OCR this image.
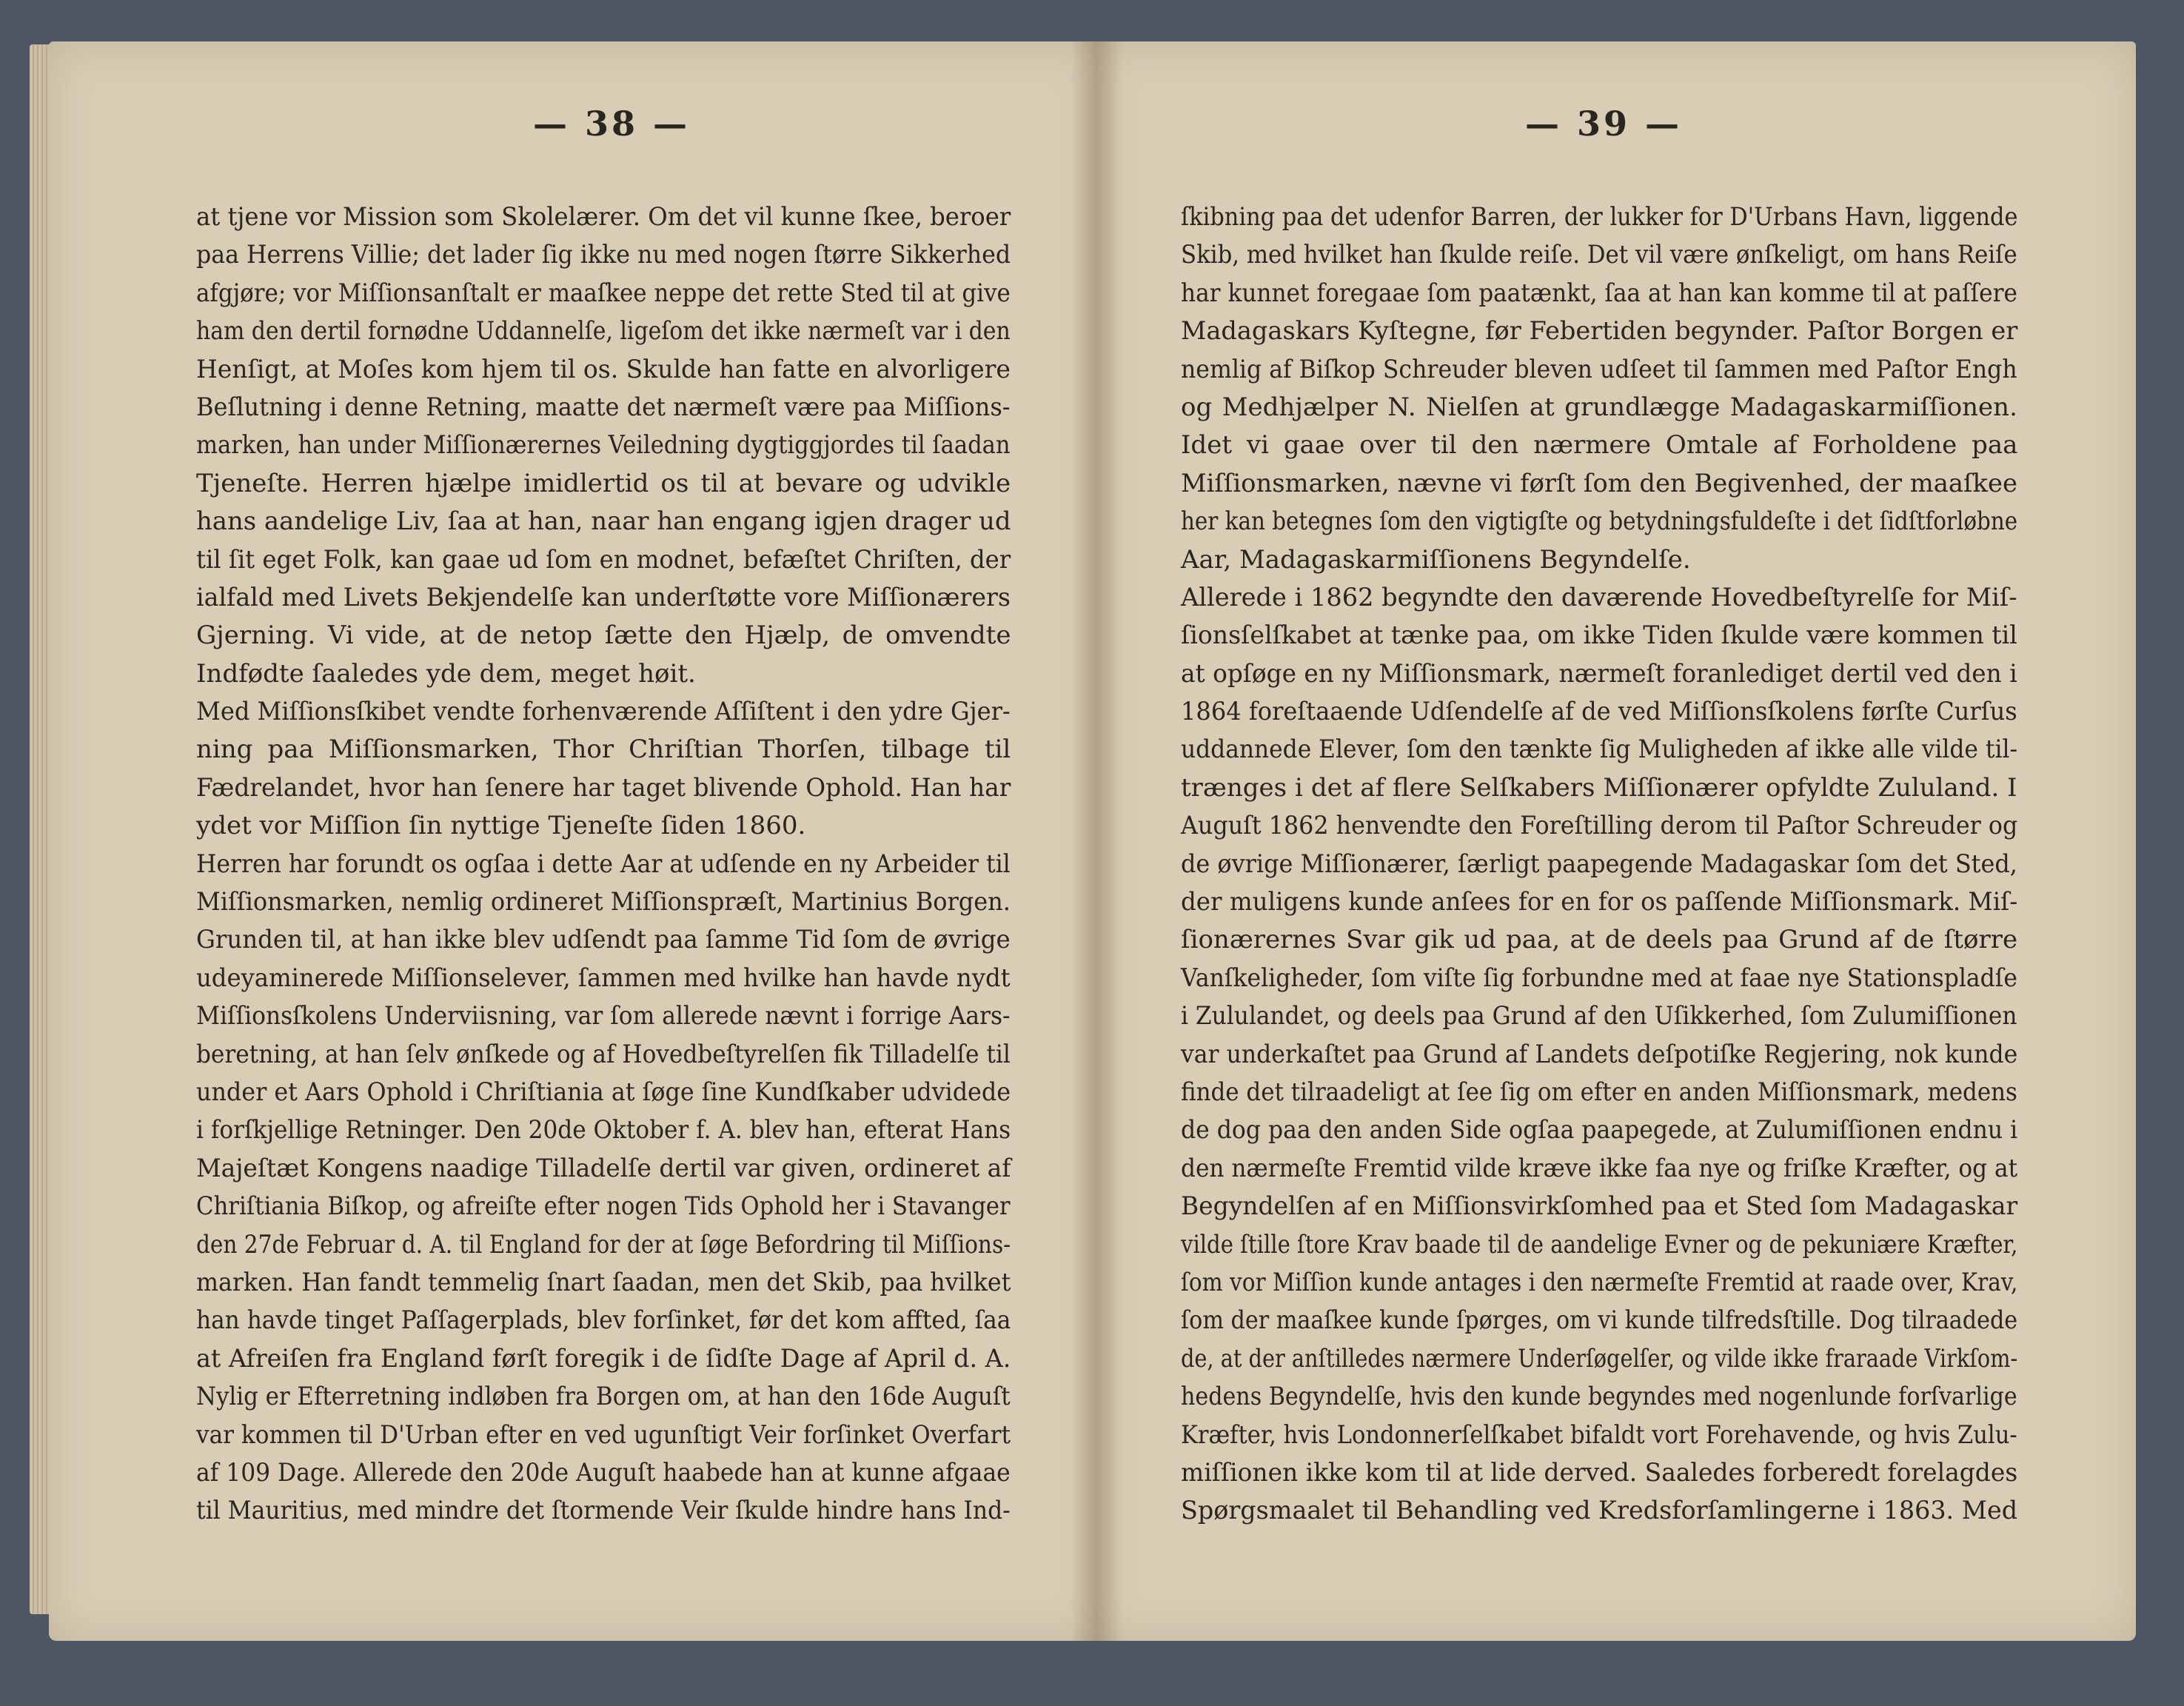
— 38 —	— 39 —
at tjene vor Mission som Skolelærer. Om det vil kunne ſkee, beroer
paa Herrens Villie; det lader ſig ikke nu med nogen ſtørre Sikkerhed
afgjøre; vor Miſſionsanſtalt er maaſkee neppe det rette Sted til at give
ham den dertil fornødne Uddannelſe, ligeſom det ikke nærmeſt var i den
Henſigt, at Moſes kom hjem til os. Skulde han fatte en alvorligere
Beſlutning i denne Retning, maatte det nærmeſt være paa Miſſions-
marken, han under Miſſionærernes Veiledning dygtiggjordes til ſaadan
Tjeneſte. Herren hjælpe imidlertid os til at bevare og udvikle
hans aandelige Liv, ſaa at han, naar han engang igjen drager ud
til ſit eget Folk, kan gaae ud ſom en modnet, befæſtet Chriſten, der
ialfald med Livets Bekjendelſe kan underſtøtte vore Miſſionærers
Gjerning. Vi vide, at de netop ſætte den Hjælp, de omvendte
Indfødte ſaaledes yde dem, meget høit.
Med Miſſionsſkibet vendte forhenværende Aſſiſtent i den ydre Gjer-
ning paa Miſſionsmarken, Thor Chriſtian Thorſen, tilbage til
Fædrelandet, hvor han ſenere har taget blivende Ophold. Han har
ydet vor Miſſion ſin nyttige Tjeneſte ſiden 1860.
Herren har forundt os ogſaa i dette Aar at udſende en ny Arbeider til
Miſſionsmarken, nemlig ordineret Miſſionspræſt, Martinius Borgen.
Grunden til, at han ikke blev udſendt paa ſamme Tid ſom de øvrige
udeyaminerede Miſſionselever, ſammen med hvilke han havde nydt
Miſſionsſkolens Underviisning, var ſom allerede nævnt i forrige Aars-
beretning, at han ſelv ønſkede og af Hovedbeſtyrelſen fik Tilladelſe til
under et Aars Ophold i Chriſtiania at ſøge ſine Kundſkaber udvidede
i forſkjellige Retninger. Den 20de Oktober f. A. blev han, efterat Hans
Majeſtæt Kongens naadige Tilladelſe dertil var given, ordineret af
Chriſtiania Biſkop, og afreiſte efter nogen Tids Ophold her i Stavanger
den 27de Februar d. A. til England for der at ſøge Befordring til Miſſions-
marken. Han fandt temmelig ſnart ſaadan, men det Skib, paa hvilket
han havde tinget Paſſagerplads, blev forſinket, før det kom affted, ſaa
at Afreiſen fra England førſt foregik i de ſidſte Dage af April d. A.
Nylig er Efterretning indløben fra Borgen om, at han den 16de Auguſt
var kommen til D'Urban efter en ved ugunſtigt Veir forſinket Overfart
af 109 Dage. Allerede den 20de Auguſt haabede han at kunne afgaae
til Mauritius, med mindre det ſtormende Veir ſkulde hindre hans Ind-
ſkibning paa det udenfor Barren, der lukker for D'Urbans Havn, liggende
Skib, med hvilket han ſkulde reiſe. Det vil være ønſkeligt, om hans Reiſe
har kunnet foregaae ſom paatænkt, ſaa at han kan komme til at paſſere
Madagaskars Kyſtegne, før Febertiden begynder. Paſtor Borgen er
nemlig af Biſkop Schreuder bleven udſeet til ſammen med Paſtor Engh
og Medhjælper N. Nielſen at grundlægge Madagaskarmiſſionen.
Idet vi gaae over til den nærmere Omtale af Forholdene paa
Miſſionsmarken, nævne vi førſt ſom den Begivenhed, der maaſkee
her kan betegnes ſom den vigtigſte og betydningsfuldeſte i det ſidſtforløbne
Aar, Madagaskarmiſſionens Begyndelſe.
Allerede i 1862 begyndte den daværende Hovedbeſtyrelſe for Miſ-
ſionsſelſkabet at tænke paa, om ikke Tiden ſkulde være kommen til
at opſøge en ny Miſſionsmark, nærmeſt foranlediget dertil ved den i
1864 foreſtaaende Udſendelſe af de ved Miſſionsſkolens førſte Curſus
uddannede Elever, ſom den tænkte ſig Muligheden af ikke alle vilde til-
trænges i det af flere Selſkabers Miſſionærer opfyldte Zululand. I
Auguſt 1862 henvendte den Foreſtilling derom til Paſtor Schreuder og
de øvrige Miſſionærer, ſærligt paapegende Madagaskar ſom det Sted,
der muligens kunde anſees for en for os paſſende Miſſionsmark. Miſ-
ſionærernes Svar gik ud paa, at de deels paa Grund af de ſtørre
Vanſkeligheder, ſom viſte ſig forbundne med at faae nye Stationspladſe
i Zululandet, og deels paa Grund af den Uſikkerhed, ſom Zulumiſſionen
var underkaſtet paa Grund af Landets deſpotiſke Regjering, nok kunde
finde det tilraadeligt at ſee ſig om efter en anden Miſſionsmark, medens
de dog paa den anden Side ogſaa paapegede, at Zulumiſſionen endnu i
den nærmeſte Fremtid vilde kræve ikke faa nye og friſke Kræfter, og at
Begyndelſen af en Miſſionsvirkſomhed paa et Sted ſom Madagaskar
vilde ſtille ſtore Krav baade til de aandelige Evner og de pekuniære Kræfter,
ſom vor Miſſion kunde antages i den nærmeſte Fremtid at raade over, Krav,
ſom der maaſkee kunde ſpørges, om vi kunde tilfredsſtille. Dog tilraadede
de, at der anſtilledes nærmere Underſøgelſer, og vilde ikke fraraade Virkſom-
hedens Begyndelſe, hvis den kunde begyndes med nogenlunde forſvarlige
Kræfter, hvis Londonnerſelſkabet bifaldt vort Forehavende, og hvis Zulu-
miſſionen ikke kom til at lide derved. Saaledes forberedt forelagdes
Spørgsmaalet til Behandling ved Kredsforſamlingerne i 1863. Med
